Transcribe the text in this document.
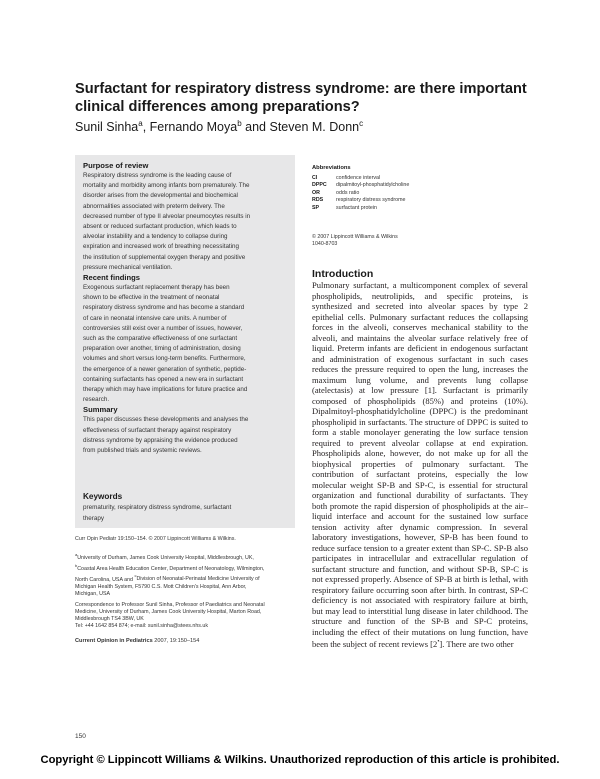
Surfactant for respiratory distress syndrome: are there important clinical differences among preparations?
Sunil Sinha$^a$, Fernando Moya$^b$ and Steven M. Donn$^c$
Purpose of review
Respiratory distress syndrome is the leading cause of
mortality and morbidity among infants born prematurely. The
disorder arises from the developmental and biochemical
abnormalities associated with preterm delivery. The
decreased number of type II alveolar pneumocytes results in
absent or reduced surfactant production, which leads to
alveolar instability and a tendency to collapse during
expiration and increased work of breathing necessitating
the institution of supplemental oxygen therapy and positive
pressure mechanical ventilation.
Recent findings
Exogenous surfactant replacement therapy has been
shown to be effective in the treatment of neonatal
respiratory distress syndrome and has become a standard
of care in neonatal intensive care units. A number of
controversies still exist over a number of issues, however,
such as the comparative effectiveness of one surfactant
preparation over another, timing of administration, dosing
volumes and short versus long-term benefits. Furthermore,
the emergence of a newer generation of synthetic, peptide-
containing surfactants has opened a new era in surfactant
therapy which may have implications for future practice and
research.
Summary
This paper discusses these developments and analyses the
effectiveness of surfactant therapy against respiratory
distress syndrome by appraising the evidence produced
from published trials and systemic reviews.
Keywords
prematurity, respiratory distress syndrome, surfactant
therapy
Curr Opin Pediatr 19:150–154. © 2007 Lippincott Williams & Wilkins.
$^a$University of Durham, James Cook University Hospital, Middlesbrough, UK,
$^b$Coastal Area Health Education Center, Department of Neonatology, Wilmington,
North Carolina, USA and $^c$Division of Neonatal-Perinatal Medicine University of
Michigan Health System, F5790 C.S. Mott Children's Hospital, Ann Arbor,
Michigan, USA
Correspondence to Professor Sunil Sinha, Professor of Paediatrics and Neonatal
Medicine, University of Durham, James Cook University Hospital, Marton Road,
Middlesbrough TS4 3BW, UK
Tel: +44 1642 854 874; e-mail: sunil.sinha@stees.nhs.uk
Current Opinion in Pediatrics 2007, 19:150–154
Abbreviations
CI	confidence interval
DPPC	dipalmitoyl-phosphatidylcholine
OR	odds ratio
RDS	respiratory distress syndrome
SP	surfactant protein
© 2007 Lippincott Williams & Wilkins
1040-8703
Introduction

Pulmonary surfactant, a multicomponent complex of several phospholipids, neutrolipids, and specific proteins, is synthesized and secreted into alveolar spaces by type 2 epithelial cells. Pulmonary surfactant reduces the collapsing forces in the alveoli, conserves mechanical stability to the alveoli, and maintains the alveolar surface relatively free of liquid. Preterm infants are deficient in endogenous surfactant and administration of exogenous surfactant in such cases reduces the pressure required to open the lung, increases the maximum lung volume, and prevents lung collapse (atelectasis) at low pressure [1]. Surfactant is primarily composed of phospholipids (85%) and proteins (10%). Dipalmitoyl-phosphatidylcholine (DPPC) is the predominant phospholipid in surfactants. The structure of DPPC is suited to form a stable monolayer generating the low surface tension required to prevent alveolar collapse at end expiration. Phospholipids alone, however, do not make up for all the biophysical properties of pulmonary surfactant. The contribution of surfactant proteins, especially the low molecular weight SP-B and SP-C, is essential for structural organization and functional durability of surfactants. They both promote the rapid dispersion of phospholipids at the air–liquid interface and account for the sustained low surface tension activity after dynamic compression. In several laboratory investigations, however, SP-B has been found to reduce surface tension to a greater extent than SP-C. SP-B also participates in intracellular and extracellular regulation of surfactant structure and function, and without SP-B, SP-C is not expressed properly. Absence of SP-B at birth is lethal, with respiratory failure occurring soon after birth. In contrast, SP-C deficiency is not associated with respiratory failure at birth, but may lead to interstitial lung disease in later childhood. The structure and function of the SP-B and SP-C proteins, including the effect of their mutations on lung function, have been the subject of recent reviews [2•]. There are two other

150
Copyright © Lippincott Williams & Wilkins. Unauthorized reproduction of this article is prohibited.
